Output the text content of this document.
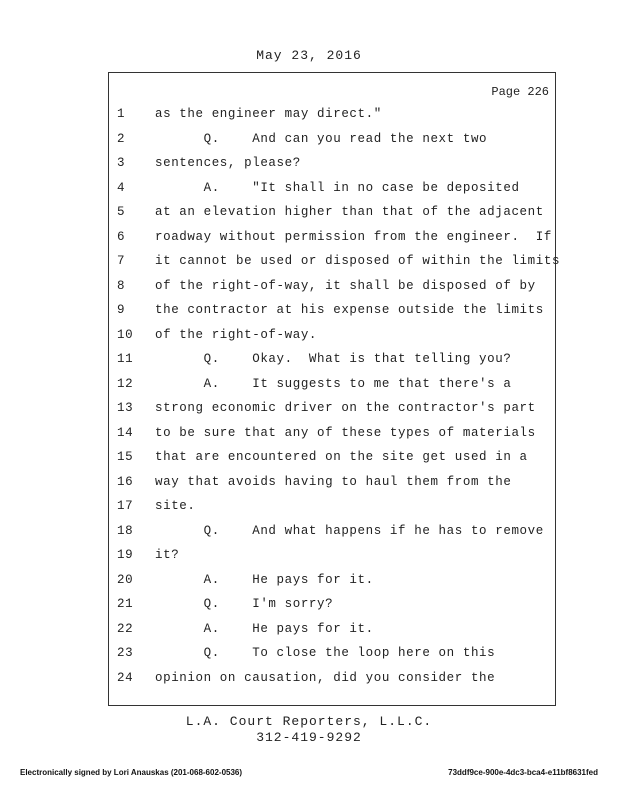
May 23, 2016
Page 226
1	as the engineer may direct."
2	Q.    And can you read the next two
3	sentences, please?
4	A.    "It shall in no case be deposited
5	at an elevation higher than that of the adjacent
6	roadway without permission from the engineer.  If
7	it cannot be used or disposed of within the limits
8	of the right-of-way, it shall be disposed of by
9	the contractor at his expense outside the limits
10	of the right-of-way.
11	Q.    Okay.  What is that telling you?
12	A.    It suggests to me that there's a
13	strong economic driver on the contractor's part
14	to be sure that any of these types of materials
15	that are encountered on the site get used in a
16	way that avoids having to haul them from the
17	site.
18	Q.    And what happens if he has to remove
19	it?
20	A.    He pays for it.
21	Q.    I'm sorry?
22	A.    He pays for it.
23	Q.    To close the loop here on this
24	opinion on causation, did you consider the
L.A. Court Reporters, L.L.C.
312-419-9292
Electronically signed by Lori Anauskas (201-068-602-0536)	73ddf9ce-900e-4dc3-bca4-e11bf8631fed
